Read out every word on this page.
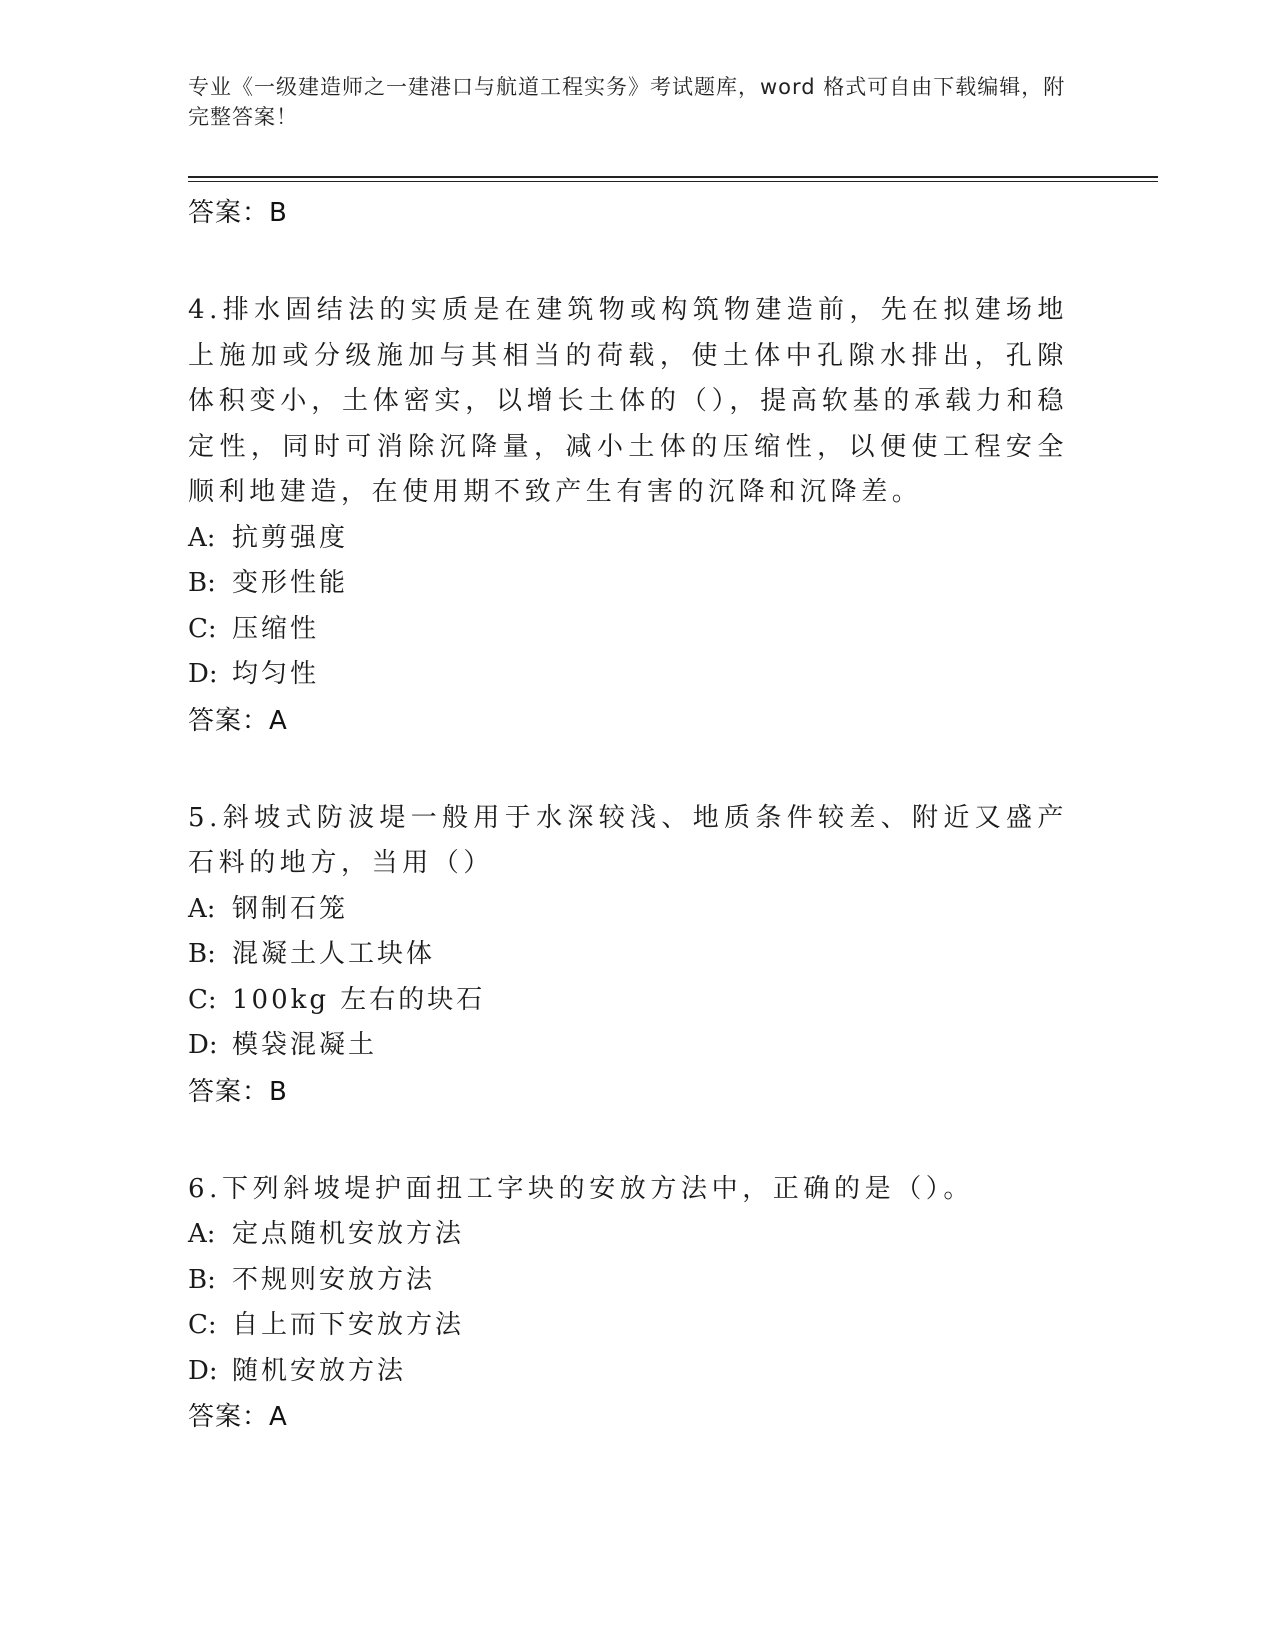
专业《一级建造师之一建港口与航道工程实务》考试题库，word 格式可自由下载编辑，附完整答案！
答案：B
4.排水固结法的实质是在建筑物或构筑物建造前，先在拟建场地上施加或分级施加与其相当的荷载，使土体中孔隙水排出，孔隙体积变小，土体密实，以增长土体的（），提高软基的承载力和稳定性，同时可消除沉降量，减小土体的压缩性，以便使工程安全顺利地建造，在使用期不致产生有害的沉降和沉降差。
A: 抗剪强度
B: 变形性能
C: 压缩性
D: 均匀性
答案：A
5.斜坡式防波堤一般用于水深较浅、地质条件较差、附近又盛产石料的地方，当用（）
A: 钢制石笼
B: 混凝土人工块体
C: 100kg 左右的块石
D: 模袋混凝土
答案：B
6.下列斜坡堤护面扭工字块的安放方法中，正确的是（）。
A: 定点随机安放方法
B: 不规则安放方法
C: 自上而下安放方法
D: 随机安放方法
答案：A
